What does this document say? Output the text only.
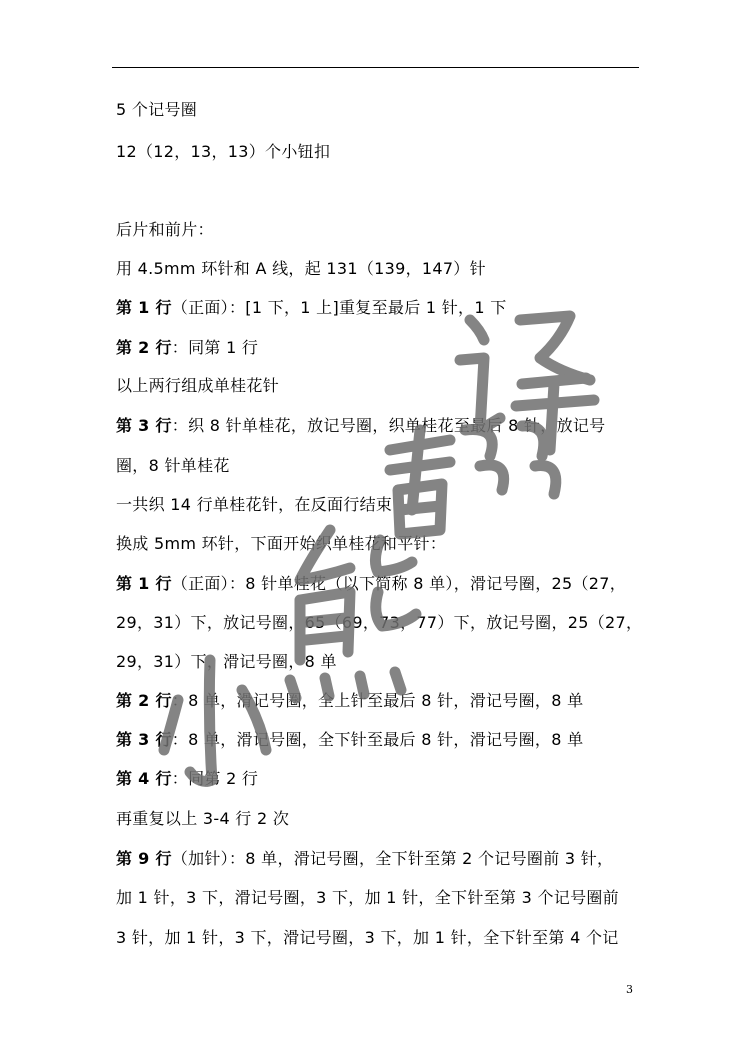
5 个记号圈
12（12，13，13）个小钮扣
后片和前片：
用 4.5mm 环针和 A 线，起 131（139，147）针
第 1 行（正面）：[1 下，1 上]重复至最后 1 针，1 下
第 2 行：同第 1 行
以上两行组成单桂花针
第 3 行：织 8 针单桂花，放记号圈，织单桂花至最后 8 针，放记号
圈，8 针单桂花
一共织 14 行单桂花针，在反面行结束
换成 5mm 环针，下面开始织单桂花和平针：
第 1 行（正面）：8 针单桂花（以下简称 8 单），滑记号圈，25（27，
29，31）下，放记号圈，65（69，73，77）下，放记号圈，25（27，
29，31）下，滑记号圈，8 单
第 2 行：8 单，滑记号圈，全上针至最后 8 针，滑记号圈，8 单
第 3 行：8 单，滑记号圈，全下针至最后 8 针，滑记号圈，8 单
第 4 行：同第 2 行
再重复以上 3-4 行 2 次
第 9 行（加针）：8 单，滑记号圈，全下针至第 2 个记号圈前 3 针，
加 1 针，3 下，滑记号圈，3 下，加 1 针，全下针至第 3 个记号圈前
3 针，加 1 针，3 下，滑记号圈，3 下，加 1 针，全下针至第 4 个记
3
